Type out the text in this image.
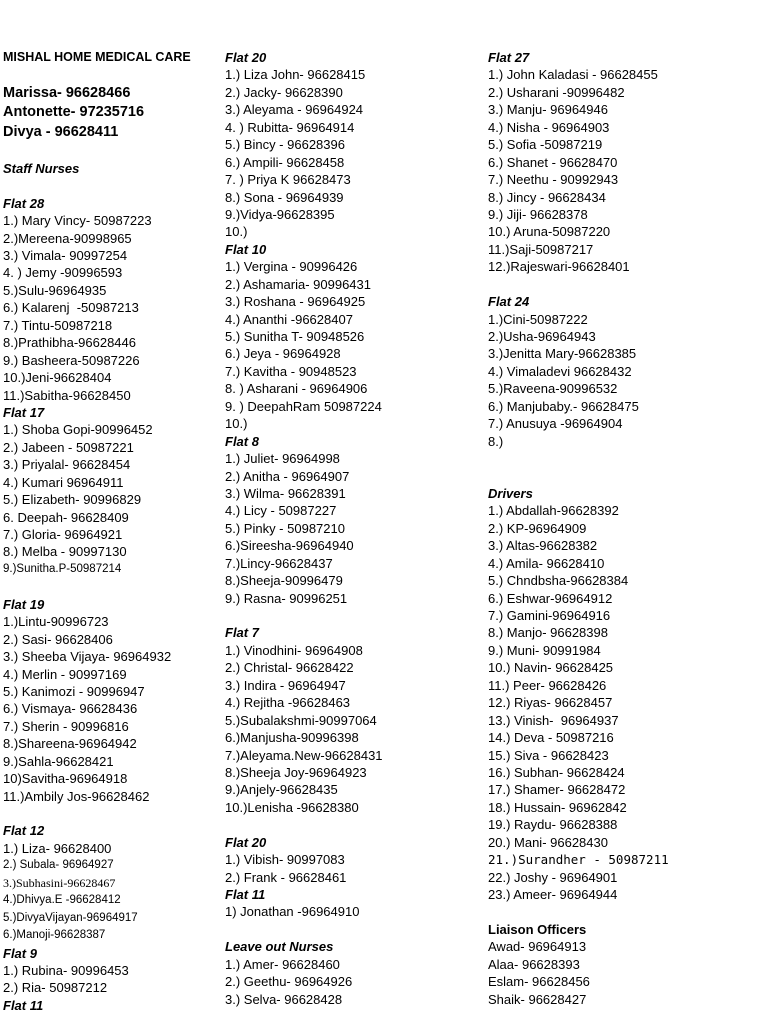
MISHAL HOME MEDICAL CARE
Marissa- 96628466
Antonette- 97235716
Divya - 96628411
Staff Nurses
Flat 28
1.) Mary Vincy- 50987223
2.)Mereena-90998965
3.) Vimala- 90997254
4. ) Jemy -90996593
5.)Sulu-96964935
6.) Kalarenj  -50987213
7.) Tintu-50987218
8.)Prathibha-96628446
9.) Basheera-50987226
10.)Jeni-96628404
11.)Sabitha-96628450
Flat 17
1.) Shoba Gopi-90996452
2.) Jabeen - 50987221
3.) Priyalal- 96628454
4.) Kumari 96964911
5.) Elizabeth- 90996829
6. Deepah- 96628409
7.) Gloria- 96964921
8.) Melba - 90997130
9.)Sunitha.P-50987214
Flat 19
1.)Lintu-90996723
2.) Sasi- 96628406
3.) Sheeba Vijaya- 96964932
4.) Merlin - 90997169
5.) Kanimozi - 90996947
6.) Vismaya- 96628436
7.) Sherin - 90996816
8.)Shareena-96964942
9.)Sahla-96628421
10)Savitha-96964918
11.)Ambily Jos-96628462
Flat 12
1.) Liza- 96628400
2.) Subala- 96964927
3.)Subhasini-96628467
4.)Dhivya.E -96628412
5.)DivyaVijayan-96964917
6.)Manoji-96628387
Flat 9
1.) Rubina- 90996453
2.) Ria- 50987212
Flat 11
Flat 20
1.) Liza John- 96628415
2.) Jacky- 96628390
3.) Aleyama - 96964924
4. ) Rubitta- 96964914
5.) Bincy - 96628396
6.) Ampili- 96628458
7. ) Priya K 96628473
8.) Sona - 96964939
9.)Vidya-96628395
10.)
Flat 10
1.) Vergina - 90996426
2.) Ashamaria- 90996431
3.) Roshana - 96964925
4.) Ananthi -96628407
5.) Sunitha T- 90948526
6.) Jeya - 96964928
7.) Kavitha - 90948523
8. ) Asharani - 96964906
9. ) DeepahRam 50987224
10.)
Flat 8
1.) Juliet- 96964998
2.) Anitha - 96964907
3.) Wilma- 96628391
4.) Licy - 50987227
5.) Pinky - 50987210
6.)Sireesha-96964940
7.)Lincy-96628437
8.)Sheeja-90996479
9.) Rasna- 90996251
Flat 7
1.) Vinodhini- 96964908
2.) Christal- 96628422
3.) Indira - 96964947
4.) Rejitha -96628463
5.)Subalakshmi-90997064
6.)Manjusha-90996398
7.)Aleyama.New-96628431
8.)Sheeja Joy-96964923
9.)Anjely-96628435
10.)Lenisha -96628380
Flat 20
1.) Vibish- 90997083
2.) Frank - 96628461
Flat 11
1) Jonathan -96964910
Leave out Nurses
1.) Amer- 96628460
2.) Geethu- 96964926
3.) Selva- 96628428
Flat 27
1.) John Kaladasi - 96628455
2.) Usharani -90996482
3.) Manju- 96964946
4.) Nisha - 96964903
5.) Sofia -50987219
6.) Shanet - 96628470
7.) Neethu - 90992943
8.) Jincy - 96628434
9.) Jiji- 96628378
10.) Aruna-50987220
11.)Saji-50987217
12.)Rajeswari-96628401
Flat 24
1.)Cini-50987222
2.)Usha-96964943
3.)Jenitta Mary-96628385
4.) Vimaladevi 96628432
5.)Raveena-90996532
6.) Manjubaby.- 96628475
7.) Anusuya -96964904
8.)
Drivers
1.) Abdallah-96628392
2.) KP-96964909
3.) Altas-96628382
4.) Amila- 96628410
5.) Chndbsha-96628384
6.) Eshwar-96964912
7.) Gamini-96964916
8.) Manjo- 96628398
9.) Muni- 90991984
10.) Navin- 96628425
11.) Peer- 96628426
12.) Riyas- 96628457
13.) Vinish-  96964937
14.) Deva - 50987216
15.) Siva - 96628423
16.) Subhan- 96628424
17.) Shamer- 96628472
18.) Hussain- 96962842
19.) Raydu- 96628388
20.) Mani- 96628430
21.)Surandher - 50987211
22.) Joshy - 96964901
23.) Ameer- 96964944
Liaison Officers
Awad- 96964913
Alaa- 96628393
Eslam- 96628456
Shaik- 96628427
